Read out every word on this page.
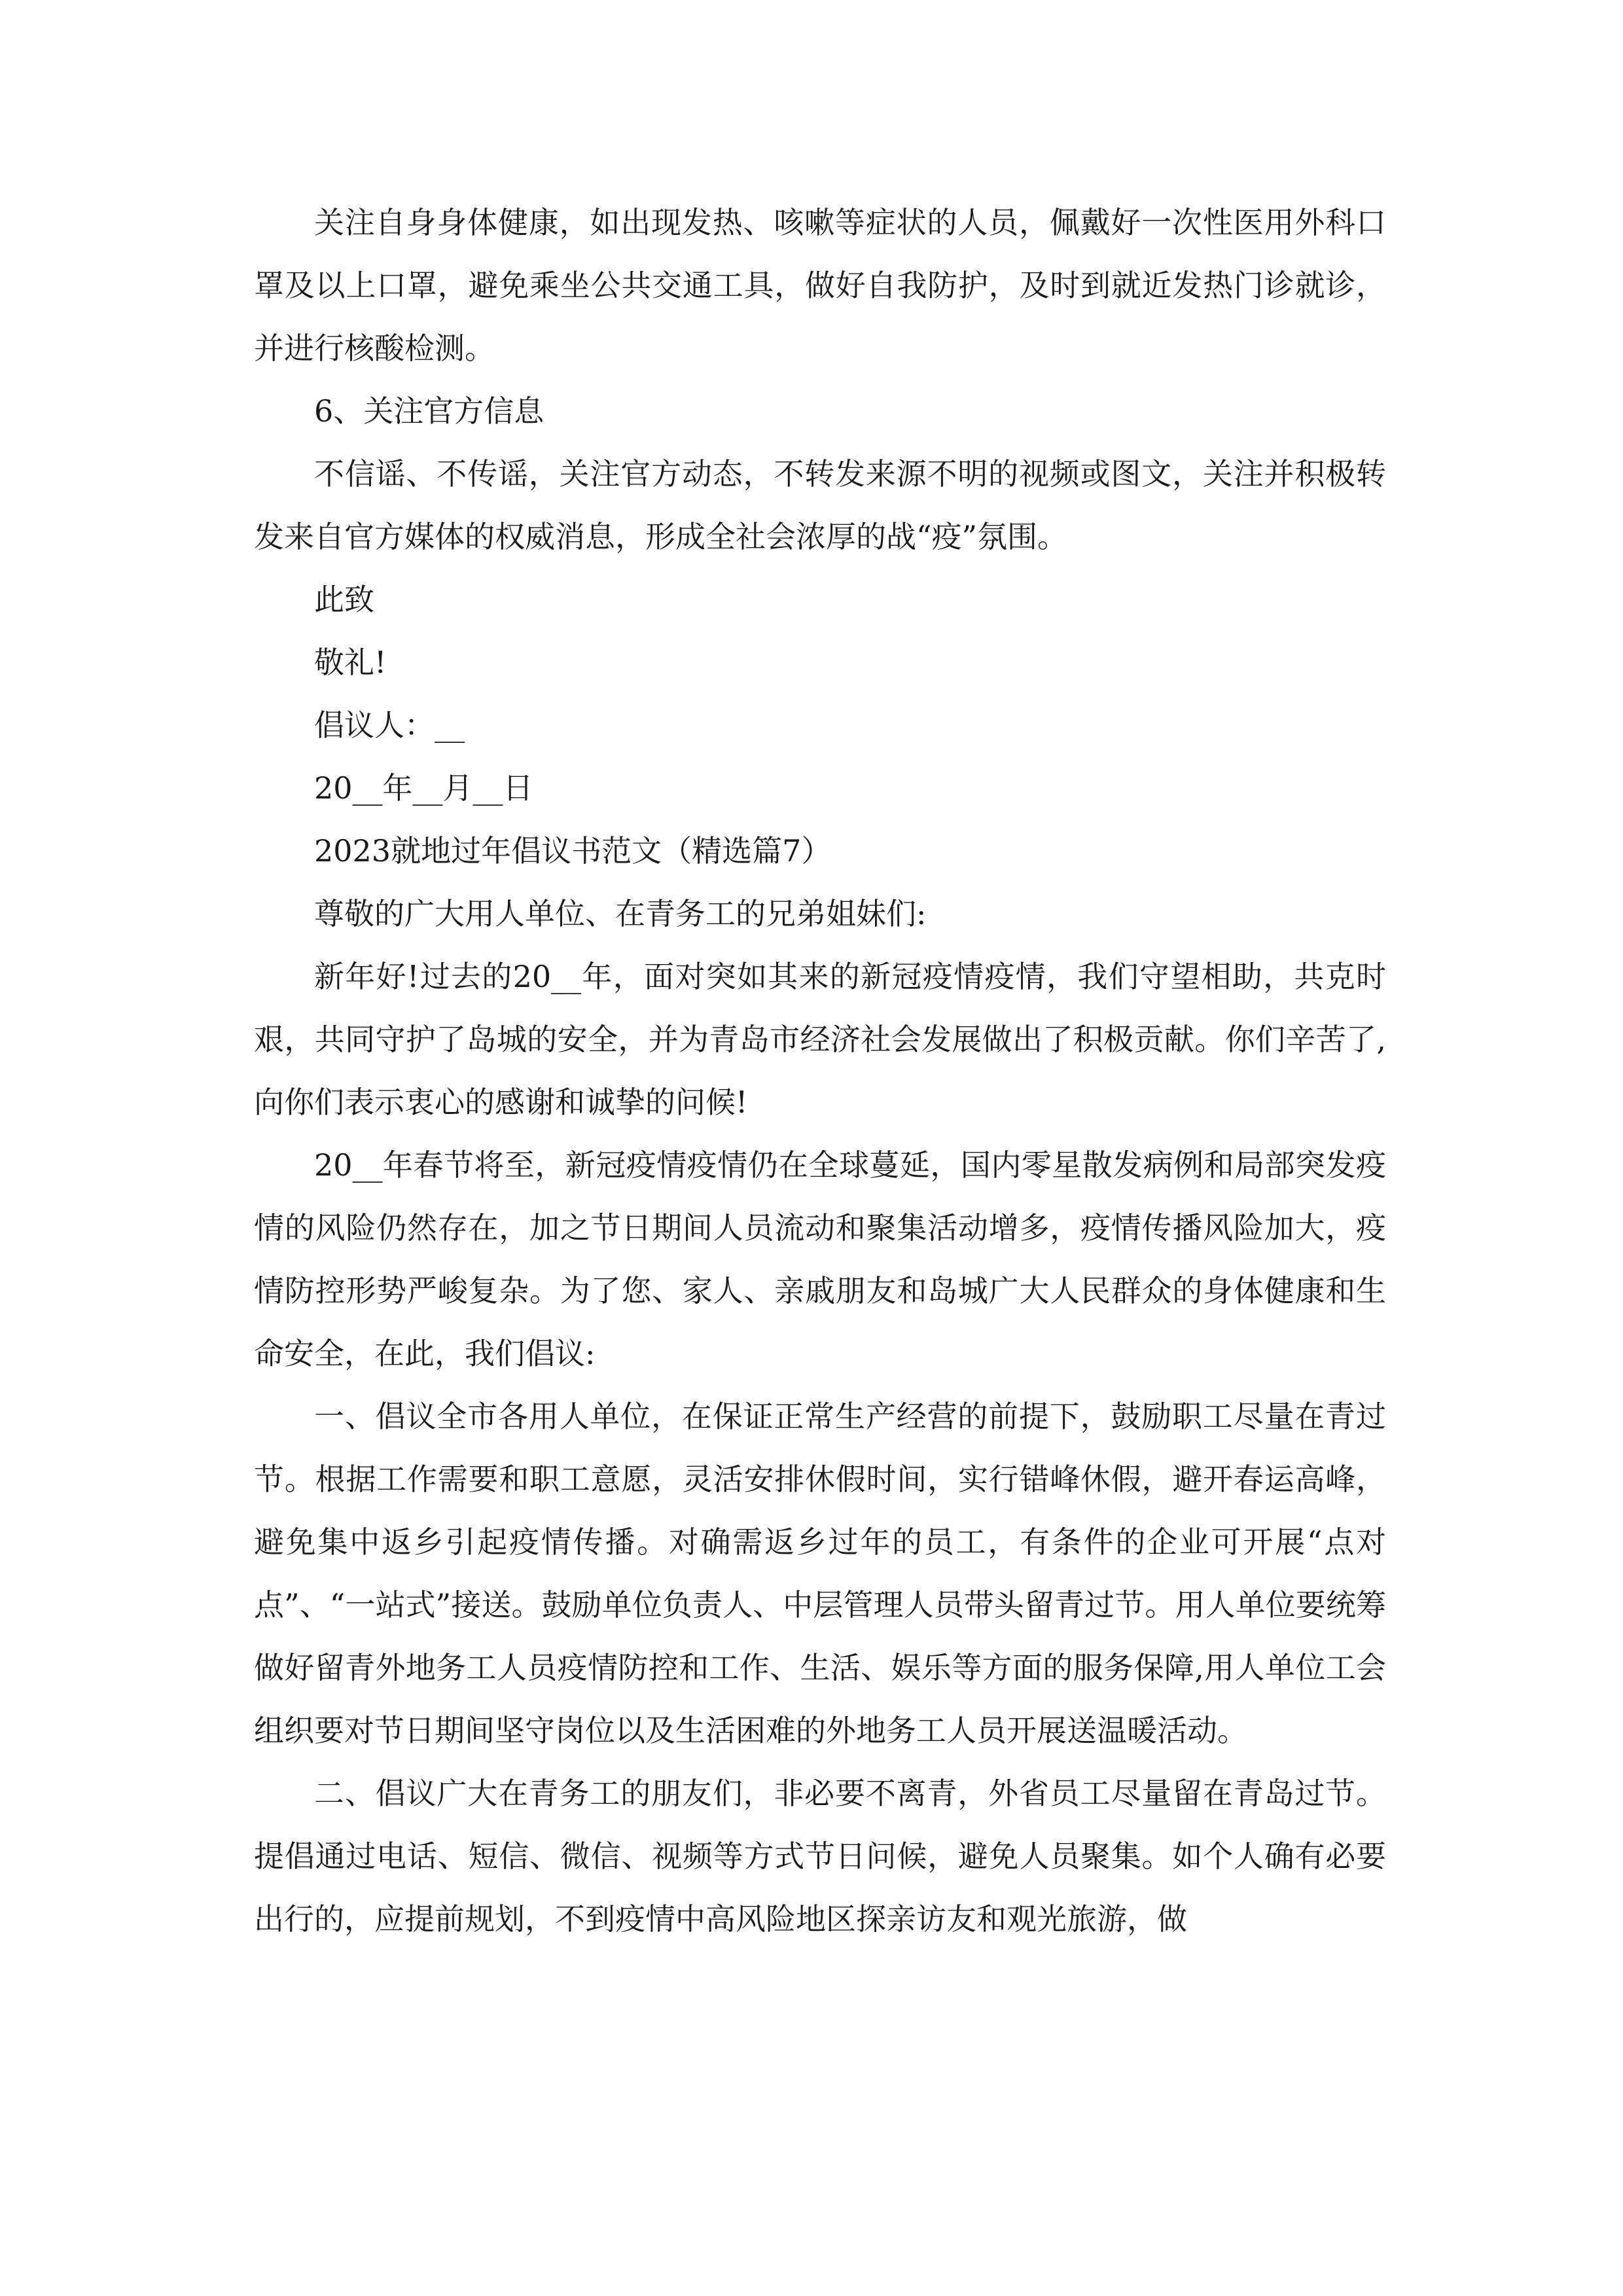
关注自身身体健康，如出现发热、咳嗽等症状的人员，佩戴好一次性医用外科口罩及以上口罩，避免乘坐公共交通工具，做好自我防护，及时到就近发热门诊就诊，并进行核酸检测。

6、关注官方信息

不信谣、不传谣，关注官方动态，不转发来源不明的视频或图文，关注并积极转发来自官方媒体的权威消息，形成全社会浓厚的战“疫”氛围。

此致

敬礼!

倡议人：__

20__年__月__日

2023就地过年倡议书范文（精选篇7）

尊敬的广大用人单位、在青务工的兄弟姐妹们:

新年好!过去的20__年，面对突如其来的新冠疫情疫情，我们守望相助，共克时艰，共同守护了岛城的安全，并为青岛市经济社会发展做出了积极贡献。你们辛苦了,向你们表示衷心的感谢和诚挚的问候!

20__年春节将至，新冠疫情疫情仍在全球蔓延，国内零星散发病例和局部突发疫情的风险仍然存在，加之节日期间人员流动和聚集活动增多，疫情传播风险加大，疫情防控形势严峻复杂。为了您、家人、亲戚朋友和岛城广大人民群众的身体健康和生命安全，在此，我们倡议:

一、倡议全市各用人单位，在保证正常生产经营的前提下，鼓励职工尽量在青过节。根据工作需要和职工意愿，灵活安排休假时间，实行错峰休假，避开春运高峰，避免集中返乡引起疫情传播。对确需返乡过年的员工，有条件的企业可开展“点对点”、“一站式”接送。鼓励单位负责人、中层管理人员带头留青过节。用人单位要统筹做好留青外地务工人员疫情防控和工作、生活、娱乐等方面的服务保障,用人单位工会组织要对节日期间坚守岗位以及生活困难的外地务工人员开展送温暖活动。

二、倡议广大在青务工的朋友们，非必要不离青，外省员工尽量留在青岛过节。提倡通过电话、短信、微信、视频等方式节日问候，避免人员聚集。如个人确有必要出行的，应提前规划，不到疫情中高风险地区探亲访友和观光旅游，做
